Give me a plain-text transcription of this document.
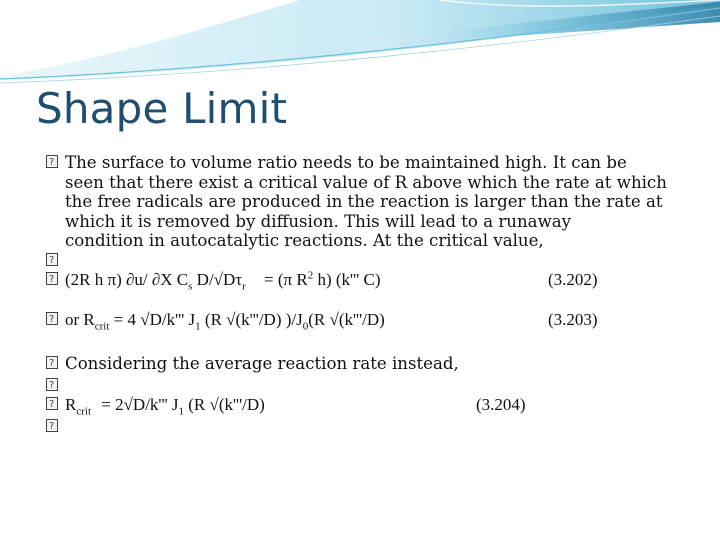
Shape Limit
?
The surface to volume ratio needs to be maintained high. It can be
seen that there exist a critical value of R above which the rate at which
the free radicals are produced in the reaction is larger than the rate at
which it is removed by diffusion. This will lead to a runaway
condition in autocatalytic reactions. At the critical value,
?
?
(2R h π) ∂u/ ∂X $C_s$ $D/√D\tau_r = (\pi$ $R^2$ h) (k''' C)	(3.202)
?
or $R_{crit} = 4$ √D/k''' $J_1$ (R √(k'''/D) )$/J_0(R$ √(k'''/D)	(3.203)
?
Considering the average reaction rate instead,
?
?
$R_{crit} = 2√D/k'''$ $J_1$ (R √(k'''/D)	(3.204)
?
